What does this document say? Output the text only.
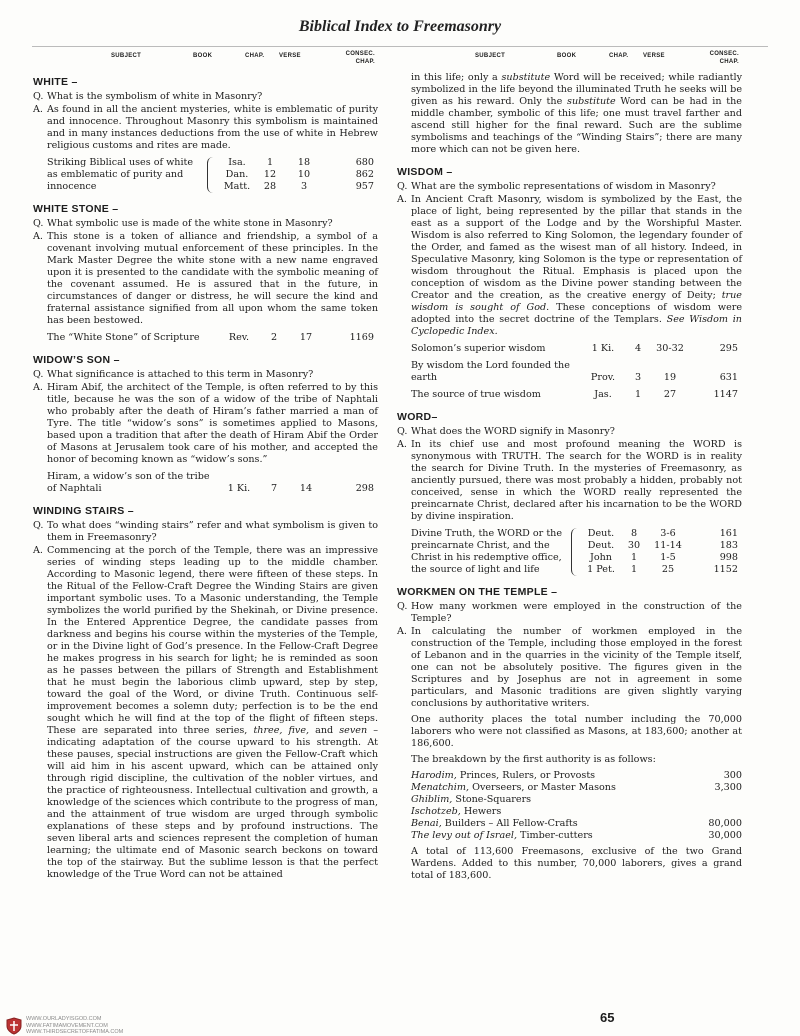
Biblical Index to Freemasonry
SUBJECT	BOOK	CHAP.	VERSE	CONSEC.
CHAP.
WHITE –
Q. What is the symbolism of white in Masonry?
A. As found in all the ancient mysteries, white is emblematic of purity and innocence. Throughout Masonry this symbolism is maintained and in many instances deductions from the use of white in Hebrew religious customs and rites are made.
Striking Biblical uses of white as emblematic of purity and innocence
Isa.	1	18	680
Dan.	12	10	862
Matt.	28	3	957
WHITE STONE –
Q. What symbolic use is made of the white stone in Masonry?
A. This stone is a token of alliance and friendship, a symbol of a covenant involving mutual enforcement of these principles. In the Mark Master Degree the white stone with a new name engraved upon it is presented to the candidate with the symbolic meaning of the covenant assumed. He is assured that in the future, in circumstances of danger or distress, he will secure the kind and fraternal assistance signified from all upon whom the same token has been bestowed.
The “White Stone” of Scripture	Rev.	2	17	1169
WIDOW’S SON –
Q. What significance is attached to this term in Masonry?
A. Hiram Abif, the architect of the Temple, is often referred to by this title, because he was the son of a widow of the tribe of Naphtali who probably after the death of Hiram’s father married a man of Tyre. The title “widow’s sons” is sometimes applied to Masons, based upon a tradition that after the death of Hiram Abif the Order of Masons at Jerusalem took care of his mother, and accepted the honor of becoming known as “widow’s sons.”
Hiram, a widow’s son of the tribe of Naphtali	1 Ki.	7	14	298
WINDING STAIRS –
Q. To what does “winding stairs” refer and what symbolism is given to them in Freemasonry?
A. Commencing at the porch of the Temple, there was an impressive series of winding steps leading up to the middle chamber. According to Masonic legend, there were fifteen of these steps. In the Ritual of the Fellow-Craft Degree the Winding Stairs are given important symbolic uses. To a Masonic understanding, the Temple symbolizes the world purified by the Shekinah, or Divine presence. In the Entered Apprentice Degree, the candidate passes from darkness and begins his course within the mysteries of the Temple, or in the Divine light of God’s presence. In the Fellow-Craft Degree he makes progress in his search for light; he is reminded as soon as he passes between the pillars of Strength and Establishment that he must begin the laborious climb upward, step by step, toward the goal of the Word, or divine Truth. Continuous self-improvement becomes a solemn duty; perfection is to be the end sought which he will find at the top of the flight of fifteen steps. These are separated into three series, three, five, and seven – indicating adaptation of the course upward to his strength. At these pauses, special instructions are given the Fellow-Craft which will aid him in his ascent upward, which can be attained only through rigid discipline, the cultivation of the nobler virtues, and the practice of righteousness. Intellectual cultivation and growth, a knowledge of the sciences which contribute to the progress of man, and the attainment of true wisdom are urged through symbolic explanations of these steps and by profound instructions. The seven liberal arts and sciences represent the completion of human learning; the ultimate end of Masonic search beckons on toward the top of the stairway. But the sublime lesson is that the perfect knowledge of the True Word can not be attained
SUBJECT	BOOK	CHAP.	VERSE	CONSEC.
CHAP.

in this life; only a substitute Word will be received; while radiantly symbolized in the life beyond the illuminated Truth he seeks will be given as his reward. Only the substitute Word can be had in the middle chamber, symbolic of this life; one must travel farther and ascend still higher for the final reward. Such are the sublime symbolisms and teachings of the “Winding Stairs”; there are many more which can not be given here.

WISDOM –
Q. What are the symbolic representations of wisdom in Masonry?
A. In Ancient Craft Masonry, wisdom is symbolized by the East, the place of light, being represented by the pillar that stands in the east as a support of the Lodge and by the Worshipful Master. Wisdom is also referred to King Solomon, the legendary founder of the Order, and famed as the wisest man of all history. Indeed, in Speculative Masonry, king Solomon is the type or representation of wisdom throughout the Ritual. Emphasis is placed upon the conception of wisdom as the Divine power standing between the Creator and the creation, as the creative energy of Deity; true wisdom is sought of God. These conceptions of wisdom were adopted into the secret doctrine of the Templars. See Wisdom in Cyclopedic Index.
Solomon’s superior wisdom	1 Ki.	4	30-32	295
By wisdom the Lord founded the earth	Prov.	3	19	631
The source of true wisdom	Jas.	1	27	1147
WORD–
Q. What does the WORD signify in Masonry?
A. In its chief use and most profound meaning the WORD is synonymous with TRUTH. The search for the WORD is in reality the search for Divine Truth. In the mysteries of Freemasonry, as anciently pursued, there was most probably a hidden, probably not conceived, sense in which the WORD really represented the preincarnate Christ, declared after his incarnation to be the WORD by divine inspiration.
Divine Truth, the WORD or the preincarnate Christ, and the Christ in his redemptive office, the source of light and life
Deut.	8	3-6	161
Deut.	30	11-14	183
John	1	1-5	998
1 Pet.	1	25	1152
WORKMEN ON THE TEMPLE –
Q. How many workmen were employed in the construction of the Temple?
A. In calculating the number of workmen employed in the construction of the Temple, including those employed in the forest of Lebanon and in the quarries in the vicinity of the Temple itself, one can not be absolutely positive. The figures given in the Scriptures and by Josephus are not in agreement in some particulars, and Masonic traditions are given slightly varying conclusions by authoritative writers.

One authority places the total number including the 70,000 laborers who were not classified as Masons, at 183,600; another at 186,600.

The breakdown by the first authority is as follows:

Harodim, Princes, Rulers, or Provosts	300
Menatchim, Overseers, or Master Masons	3,300
Ghiblim, Stone-Squarers
Ischotzeb, Hewers
Benai, Builders – All Fellow-Crafts	80,000
The levy out of Israel, Timber-cutters	30,000

A total of 113,600 Freemasons, exclusive of the two Grand Wardens. Added to this number, 70,000 laborers, gives a grand total of 183,600.

65
WWW.OURLADYISGOD.COM
WWW.FATIMAMOVEMENT.COM
WWW.THIRDSECRETOFFATIMA.COM
